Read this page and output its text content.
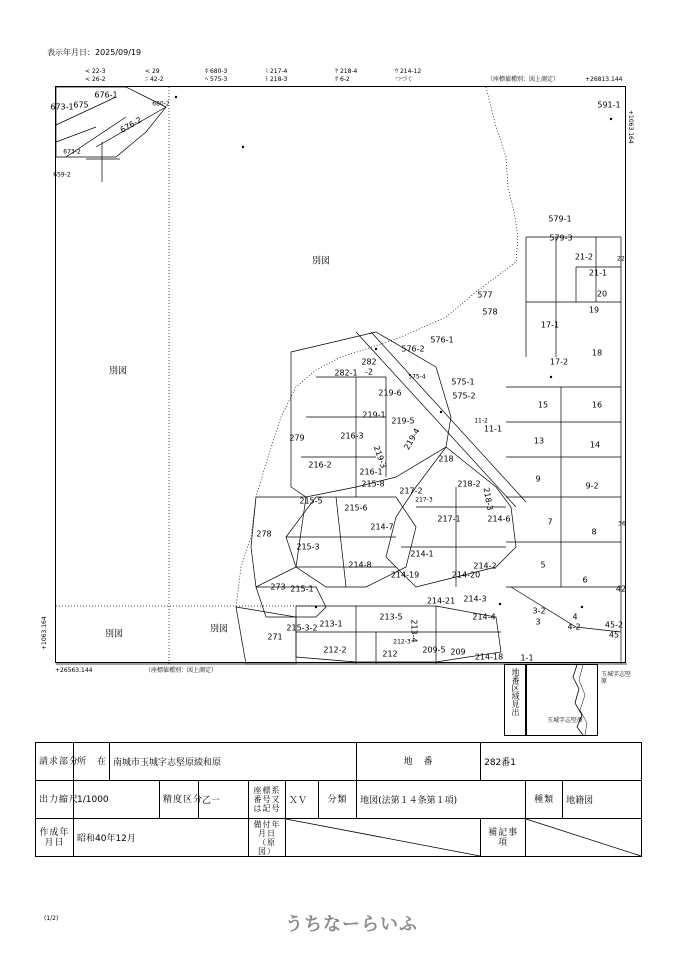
表示年月日：2025/09/19
< 22-3	< 29	ﾎ 680-3	ﾐ 217-4	ﾔ 218-4	ｳ 214-12
< 26-2	ﾆ 42-2	ﾍ 575-3	ﾄ 218-3	ｻ 6-2	つづく	（座標値種別：図上測定）	+26813.144
+1063.164
+1063.164
+26563.144	（座標値種別：図上測定）
別図
別図
別図	別図
676-1
675
673-1
676-2
680-2
673-2
659-2
591-1
579-1
579-3
21-2
21-1
22
20
19
577
578
17-1
18
17-2
576-1
576-2
282
282-1 -2
575-4
575-1
575-2
219-6
15	16
219-1
219-5	11-2
11-1
279	216-3	219-4
219-3	218
13	14
216-2
216-1
9
9-2
215-8	218-2
217-2
217-3	218-3
215-5
215-6
217-1	214-6	7
8
278
214-7
215-3
214-1
214-2
214-20
214-8
214-19
5
6
273 215-1
214-3
214-21
214-4
3-2
3
4-2
4
45-2
45
271
215-3-2 213-1
213-5
213-4
212-3
212-2	212	209-5 209
214-18 1-1
42
36
地番区域見出
玉城字志堅原
玉城字志堅原
請求部分	所　在	南城市玉城字志堅原綾和原						地　番	282番1		
出力縮尺	1/1000		精度区分	乙一	座標系番号又は記号	ＸＶ	分類	地図(法第１４条第１項)		種類	地籍図
作成年月日	昭和40年12月				備付年月日（原図）				補記事項	
(1/2)	うちなーらいふ
